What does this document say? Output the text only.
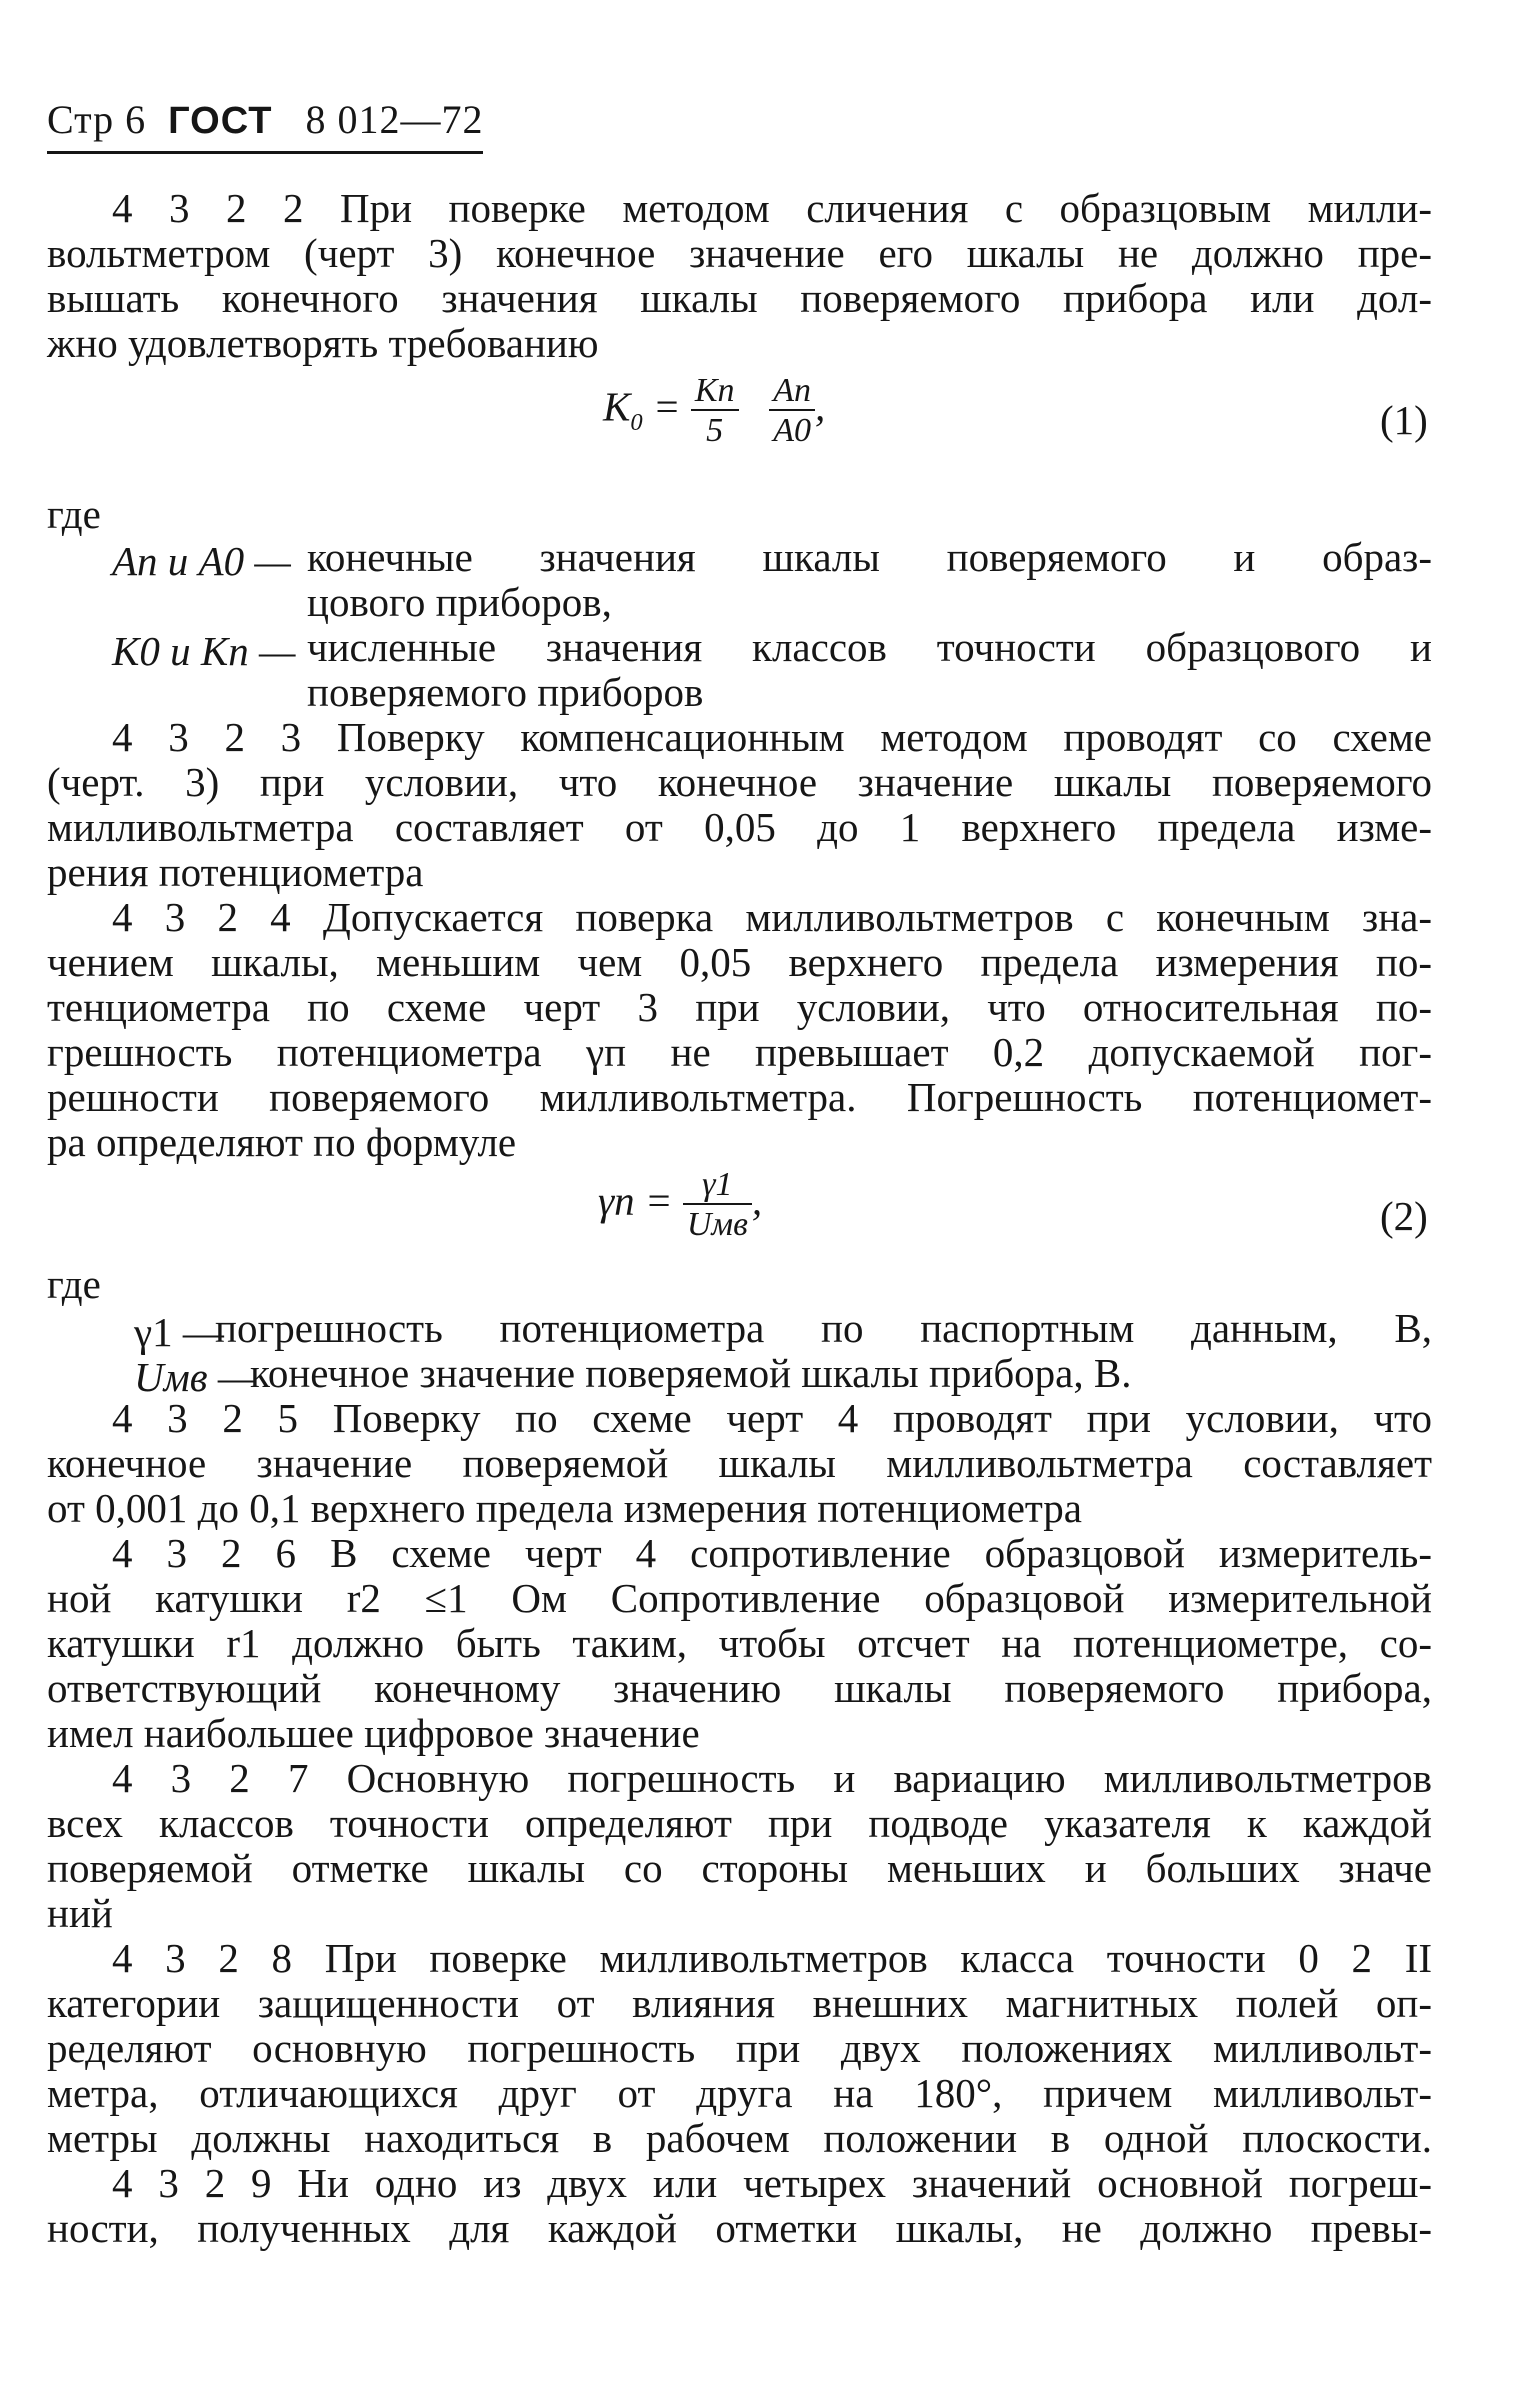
Стр 6 ГОСТ 8 012—72
4 3 2 2 При поверке методом сличения с образцовым милли-
вольтметром (черт 3) конечное значение его шкалы не должно пре-
вышать конечного значения шкалы поверяемого прибора или дол-
жно удовлетворять требованию
$K_0 = \frac{Kп}{5}$
$\frac{Aп}{A0}$ ,	(1)
где
Aп и A0 — конечные значения шкалы поверяемого и образ-
цового приборов,
K0 и Kп — численные значения классов точности образцового и
поверяемого приборов
4 3 2 3 Поверку компенсационным методом проводят со схеме
(черт. 3) при условии, что конечное значение шкалы поверяемого
милливольтметра составляет от 0,05 до 1 верхнего предела изме-
рения потенциометра
4 3 2 4 Допускается поверка милливольтметров с конечным зна-
чением шкалы, меньшим чем 0,05 верхнего предела измерения по-
тенциометра по схеме черт 3 при условии, что относительная по-
грешность потенциометра γп не превышает 0,2 допускаемой пог-
решности поверяемого милливольтметра. Погрешность потенциомет-
ра определяют по формуле
$\gamma п = \frac{\gamma 1}{\text{Uмв}}$ ,	(2)
где
γ1 —
погрешность потенциометра по паспортным данным, В,
Uмв —
конечное значение поверяемой шкалы прибора, В.
4 3 2 5 Поверку по схеме черт 4 проводят при условии, что
конечное значение поверяемой шкалы милливольтметра составляет
от 0,001 до 0,1 верхнего предела измерения потенциометра
4 3 2 6 В схеме черт 4 сопротивление образцовой измеритель-
ной катушки r2 ≤1 Ом Сопротивление образцовой измерительной
катушки r1 должно быть таким, чтобы отсчет на потенциометре, со-
ответствующий конечному значению шкалы поверяемого прибора,
имел наибольшее цифровое значение
4 3 2 7 Основную погрешность и вариацию милливольтметров
всех классов точности определяют при подводе указателя к каждой
поверяемой отметке шкалы со стороны меньших и больших значе
ний
4 3 2 8 При поверке милливольтметров класса точности 0 2 II
категории защищенности от влияния внешних магнитных полей оп-
ределяют основную погрешность при двух положениях милливольт-
метра, отличающихся друг от друга на 180°, причем милливольт-
метры должны находиться в рабочем положении в одной плоскости.
4 3 2 9 Ни одно из двух или четырех значений основной погреш-
ности, полученных для каждой отметки шкалы, не должно превы-
